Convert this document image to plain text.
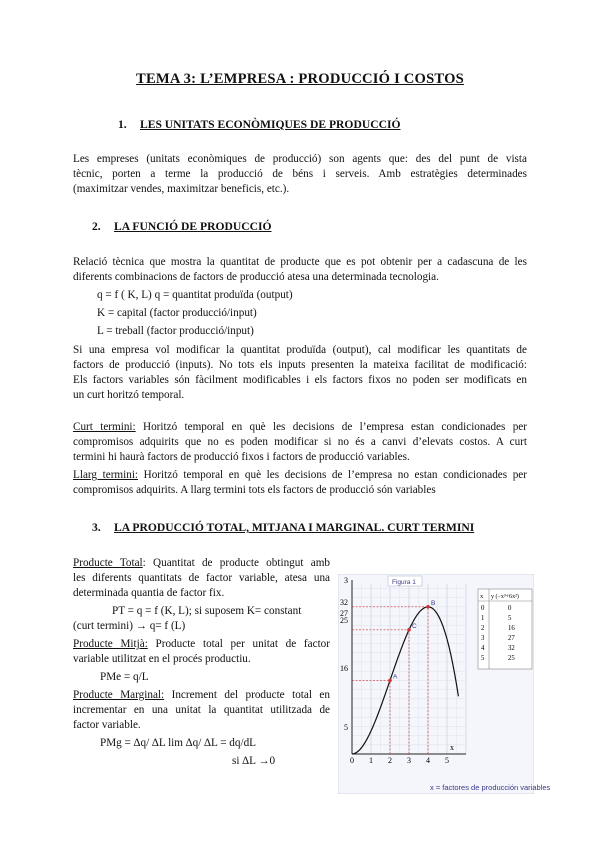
TEMA 3: L’EMPRESA : PRODUCCIÓ I COSTOS
1. LES UNITATS ECONÒMIQUES DE PRODUCCIÓ
Les empreses (unitats econòmiques de producció) son agents que: des del punt de vista
tècnic, porten a terme la producció de béns i serveis. Amb estratègies determinades
(maximitzar vendes, maximitzar beneficis, etc.).
2. LA FUNCIÓ DE PRODUCCIÓ
Relació tècnica que mostra la quantitat de producte que es pot obtenir per a cadascuna de les
diferents combinacions de factors de producció atesa una determinada tecnologia.
q = f ( K, L) q = quantitat produïda (output)
K = capital (factor producció/input)
L = treball (factor producció/input)
Si una empresa vol modificar la quantitat produïda (output), cal modificar les quantitats de
factors de producció (inputs). No tots els inputs presenten la mateixa facilitat de modificació:
Els factors variables són fàcilment modificables i els factors fixos no poden ser modificats en
un curt horitzó temporal.
Curt termini: Horitzó temporal en què les decisions de l’empresa estan condicionades per
compromisos adquirits que no es poden modificar si no és a canvi d’elevats costos. A curt
termini hi haurà factors de producció fixos i factors de producció variables.
Llarg termini: Horitzó temporal en què les decisions de l’empresa no estan condicionades per
compromisos adquirits. A llarg termini tots els factors de producció són variables
3. LA PRODUCCIÓ TOTAL, MITJANA I MARGINAL. CURT TERMINI
Producte Total: Quantitat de producte obtingut amb
les diferents quantitats de factor variable, atesa una
determinada quantia de factor fix.
PT = q = f (K, L); si suposem K= constant
(curt termini) → q= f (L)
Producte Mitjà: Producte total per unitat de factor
variable utilitzat en el procés productiu.
PMe = q/L
Producte Marginal: Increment del producte total en
incrementar en una unitat la quantitat utilitzada de
factor variable.
PMg = ∆q/ ∆L lim ∆q/ ∆L = dq/dL
si ∆L →0
3
32
27
25
16
5
0 1 2 3 4 5
x
Figura 1
A
B
C
x y (−x³+6x²)
0	0
1	5
2	16
3	27
4	32
5	25
x = factores de producción variables
